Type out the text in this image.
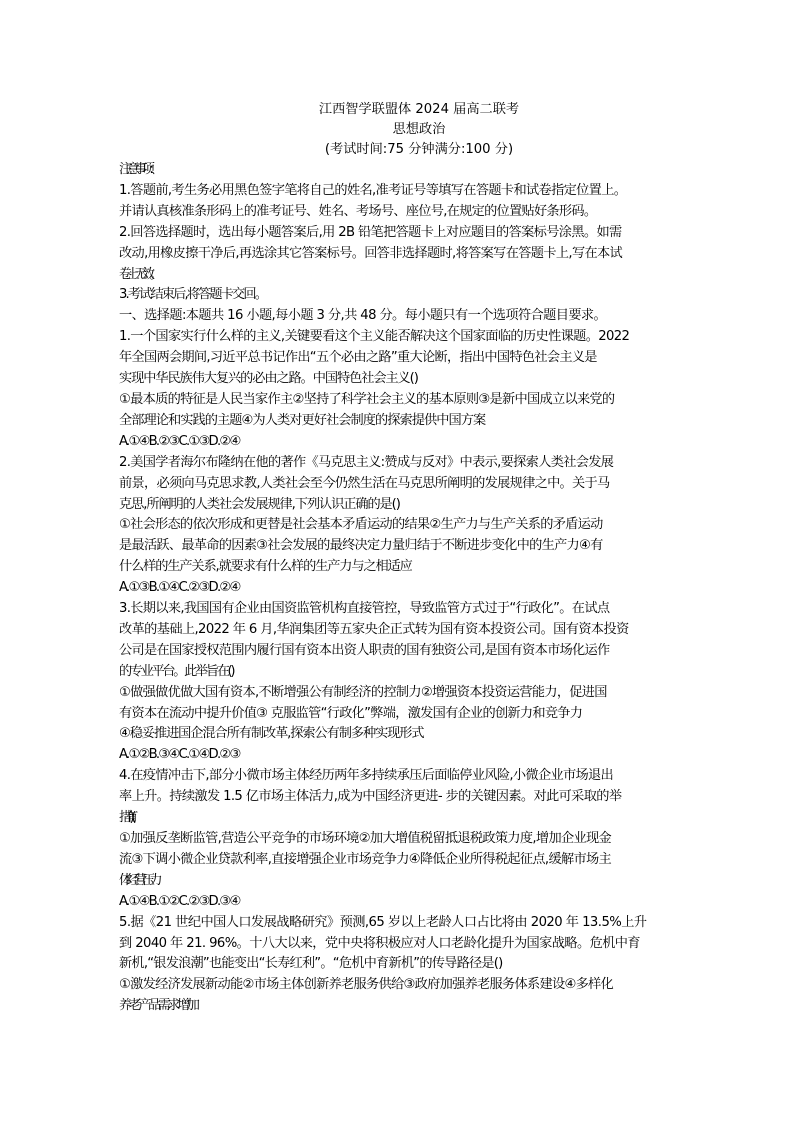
江西智学联盟体 2024 届高二联考
思想政治
(考试时间:75 分钟满分:100 分)
注意事项:
1.答题前,考生务必用黑色签字笔将自己的姓名,准考证号等填写在答题卡和试卷指定位置上。
并请认真核准条形码上的准考证号、姓名、考场号、座位号,在规定的位置贴好条形码。
2.回答选择题时，选出每小题答案后,用 2B 铅笔把答题卡上对应题目的答案标号涂黑。如需
改动,用橡皮擦干净后,再选涂其它答案标号。回答非选择题时,将答案写在答题卡上,写在本试
卷上无效。
3.考试结束后,将答题卡交回。
一、选择题:本题共 16 小题,每小题 3 分,共 48 分。每小题只有一个选项符合题目要求。
1.一个国家实行什么样的主义,关键要看这个主义能否解决这个国家面临的历史性课题。2022
年全国两会期间,习近平总书记作出“五个必由之路”重大论断，指出中国特色社会主义是
实现中华民族伟大复兴的必由之路。中国特色社会主义()
①最本质的特征是人民当家作主②坚持了科学社会主义的基本原则③是新中国成立以来党的
全部理论和实践的主题④为人类对更好社会制度的探索提供中国方案
A.①④B.②③C.①③D.②④
2.美国学者海尔布隆纳在他的著作《马克思主义:赞成与反对》中表示,要探索人类社会发展
前景，必须向马克思求教,人类社会至今仍然生活在马克思所阐明的发展规律之中。关于马
克思,所阐明的人类社会发展规律,下列认识正确的是()
①社会形态的依次形成和更替是社会基本矛盾运动的结果②生产力与生产关系的矛盾运动
是最活跃、最革命的因素③社会发展的最终决定力量归结于不断进步变化中的生产力④有
什么样的生产关系,就要求有什么样的生产力与之相适应
A.①③B.①④C.②③D.②④
3.长期以来,我国国有企业由国资监管机构直接管控，导致监管方式过于“行政化”。在试点
改革的基础上,2022 年 6 月,华润集团等五家央企正式转为国有资本投资公司。国有资本投资
公司是在国家授权范围内履行国有资本出资人职责的国有独资公司,是国有资本市场化运作
的专业平台。此举旨在()
①做强做优做大国有资本,不断增强公有制经济的控制力②增强资本投资运营能力，促进国
有资本在流动中提升价值③ 克服监管“行政化”弊端，激发国有企业的创新力和竞争力
④稳妥推进国企混合所有制改革,探索公有制多种实现形式
A.①②B.③④C.①④D.②③
4.在疫情冲击下,部分小微市场主体经历两年多持续承压后面临停业风险,小微企业市场退出
率上升。持续激发 1.5 亿市场主体活力,成为中国经济更进- 步的关键因素。对此可采取的举
措有()
①加强反垄断监管,营造公平竞争的市场环境②加大增值税留抵退税政策力度,增加企业现金
流③下调小微企业贷款利率,直接增强企业市场竞争力④降低企业所得税起征点,缓解市场主
体经营压力
A.①④B.①②C.②③D.③④
5.据《21 世纪中国人口发展战略研究》预测,65 岁以上老龄人口占比将由 2020 年 13.5%上升
到 2040 年 21. 96%。十八大以来，党中央将积极应对人口老龄化提升为国家战略。危机中育
新机,“银发浪潮”也能变出“长寿红利”。“危机中育新机”的传导路径是()
①激发经济发展新动能②市场主体创新养老服务供给③政府加强养老服务体系建设④多样化
养老产品需求增加
